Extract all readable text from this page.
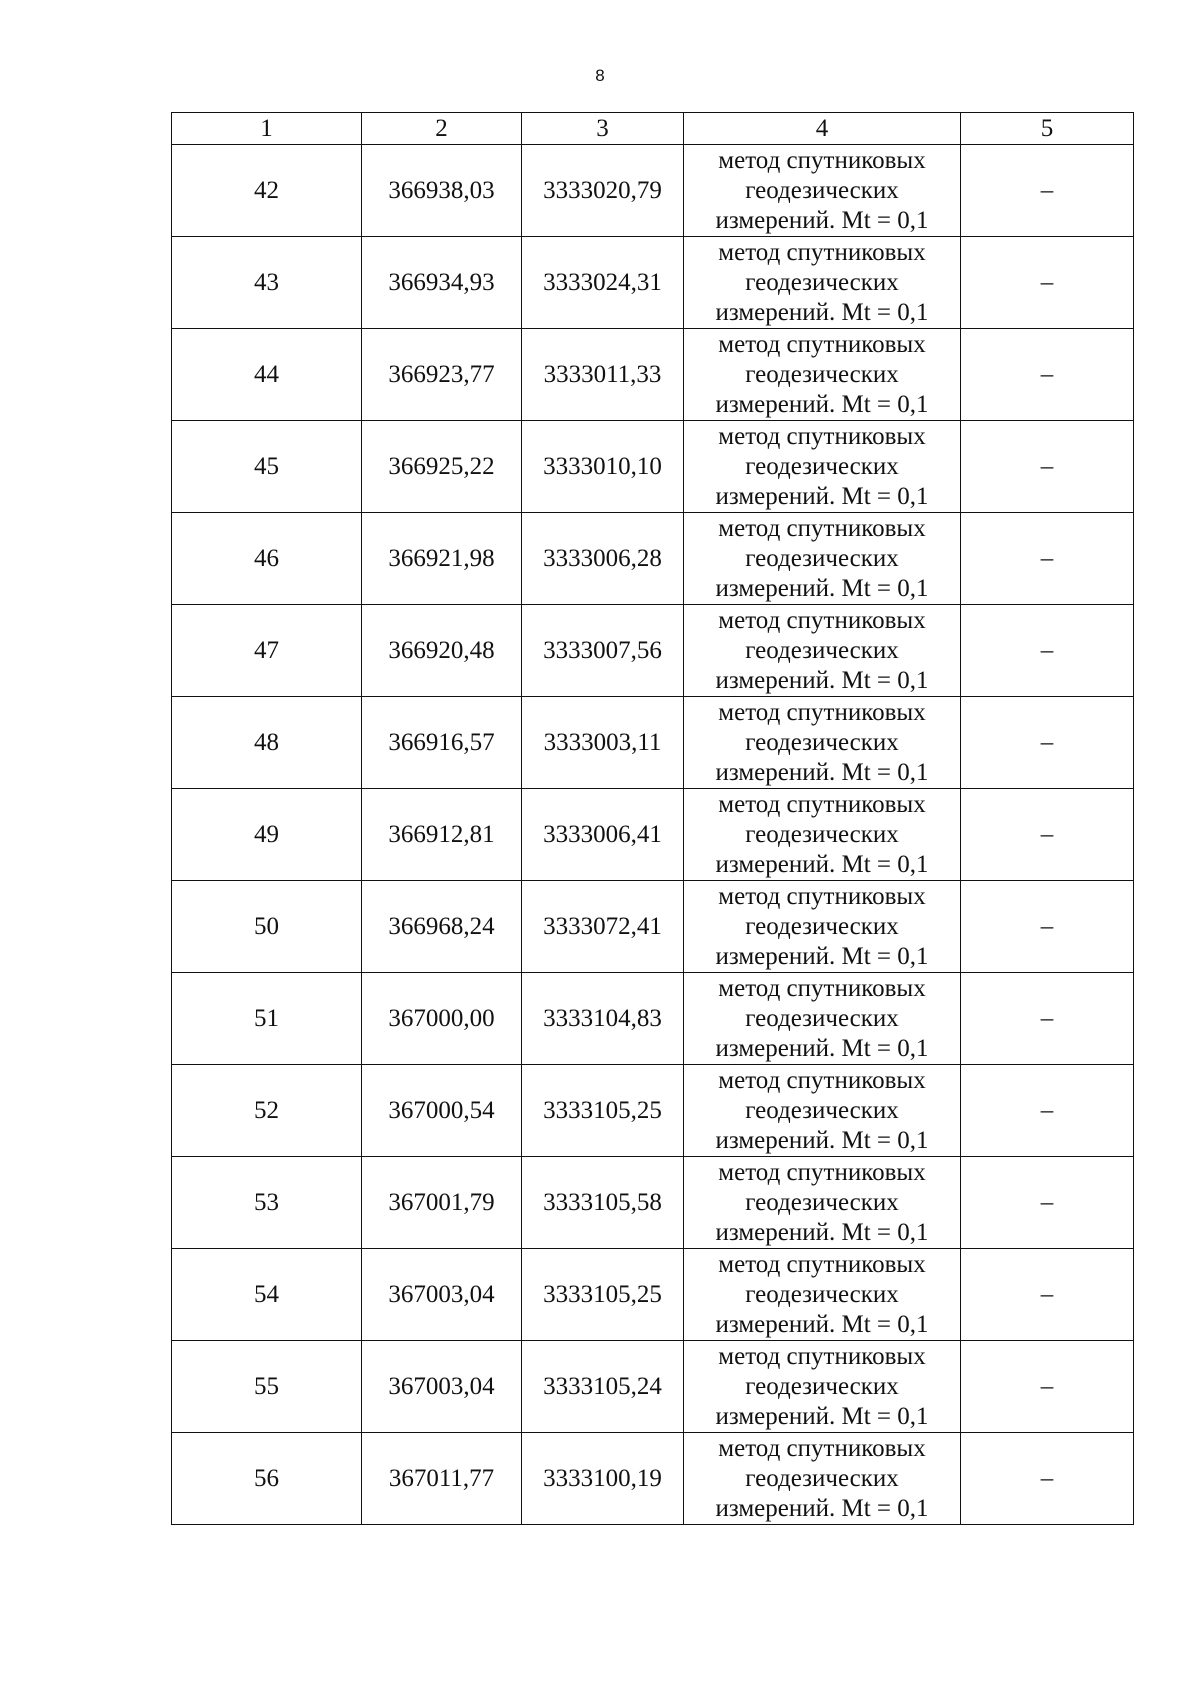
8
1	2	3	4	5
42	366938,03	3333020,79	метод спутниковых
геодезических
измерений. Mt = 0,1	–
43	366934,93	3333024,31	метод спутниковых
геодезических
измерений. Mt = 0,1	–
44	366923,77	3333011,33	метод спутниковых
геодезических
измерений. Mt = 0,1	–
45	366925,22	3333010,10	метод спутниковых
геодезических
измерений. Mt = 0,1	–
46	366921,98	3333006,28	метод спутниковых
геодезических
измерений. Mt = 0,1	–
47	366920,48	3333007,56	метод спутниковых
геодезических
измерений. Mt = 0,1	–
48	366916,57	3333003,11	метод спутниковых
геодезических
измерений. Mt = 0,1	–
49	366912,81	3333006,41	метод спутниковых
геодезических
измерений. Mt = 0,1	–
50	366968,24	3333072,41	метод спутниковых
геодезических
измерений. Mt = 0,1	–
51	367000,00	3333104,83	метод спутниковых
геодезических
измерений. Mt = 0,1	–
52	367000,54	3333105,25	метод спутниковых
геодезических
измерений. Mt = 0,1	–
53	367001,79	3333105,58	метод спутниковых
геодезических
измерений. Mt = 0,1	–
54	367003,04	3333105,25	метод спутниковых
геодезических
измерений. Mt = 0,1	–
55	367003,04	3333105,24	метод спутниковых
геодезических
измерений. Mt = 0,1	–
56	367011,77	3333100,19	метод спутниковых
геодезических
измерений. Mt = 0,1	–
